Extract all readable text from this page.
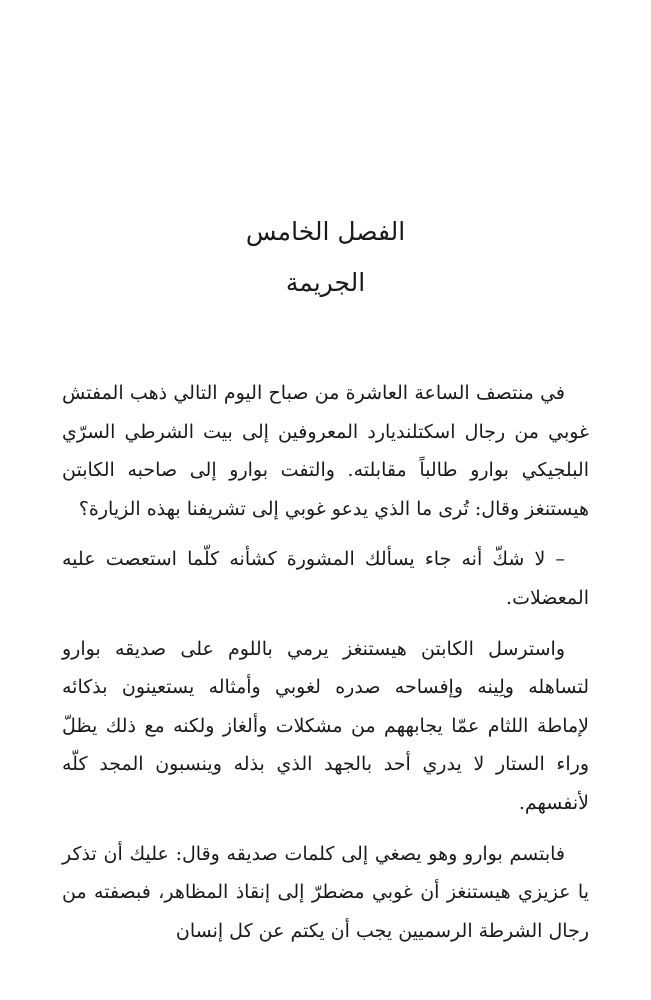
الفصل الخامس
الجريمة

في منتصف الساعة العاشرة من صباح اليوم التالي ذهب المفتش غوبي من رجال اسكتلنديارد المعروفين إلى بيت الشرطي السرّي البلجيكي بوارو طالباً مقابلته. والتفت بوارو إلى صاحبه الكابتن هيستنغز وقال: تُرى ما الذي يدعو غوبي إلى تشريفنا بهذه الزيارة؟

– لا شكّ أنه جاء يسألك المشورة كشأنه كلّما استعصت عليه المعضلات.

واسترسل الكابتن هيستنغز يرمي باللوم على صديقه بوارو لتساهله ولِينه وإفساحه صدره لغوبي وأمثاله يستعينون بذكائه لإماطة اللثام عمّا يجابههم من مشكلات وألغاز ولكنه مع ذلك يظلّ وراء الستار لا يدري أحد بالجهد الذي بذله وينسبون المجد كلّه لأنفسهم.

فابتسم بوارو وهو يصغي إلى كلمات صديقه وقال: عليك أن تذكر يا عزيزي هيستنغز أن غوبي مضطرّ إلى إنقاذ المظاهر، فبصفته من رجال الشرطة الرسميين يجب أن يكتم عن كل إنسان
